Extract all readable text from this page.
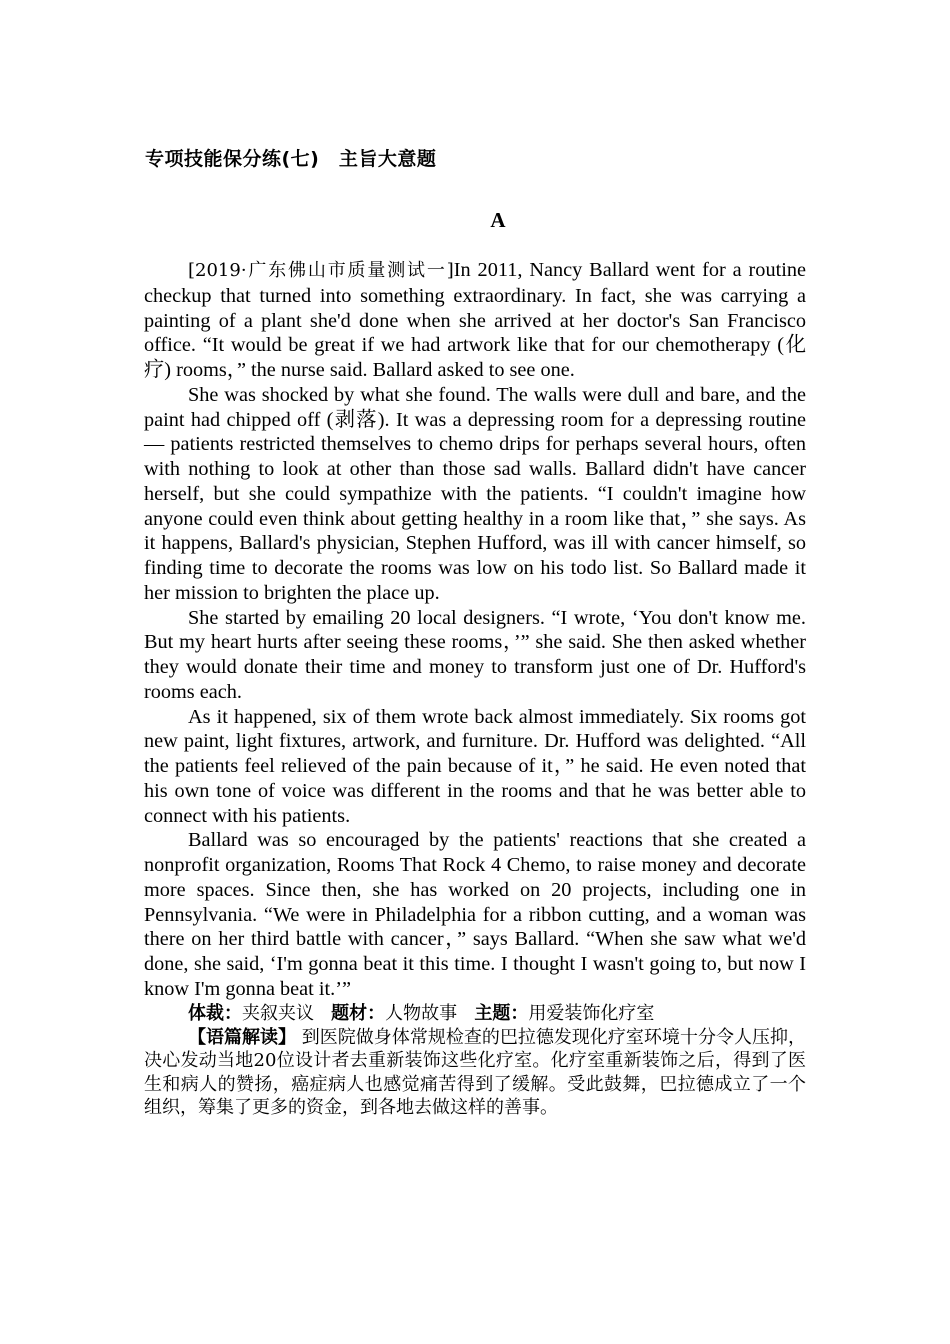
专项技能保分练(七)　主旨大意题
A

[2019·广东佛山市质量测试一]In 2011, Nancy Ballard went for a routine checkup that turned into something extraordinary. In fact, she was carrying a painting of a plant she'd done when she arrived at her doctor's San Francisco office. “It would be great if we had artwork like that for our chemotherapy (化疗) rooms，” the nurse said. Ballard asked to see one.

She was shocked by what she found. The walls were dull and bare, and the paint had chipped off (剥落). It was a depressing room for a depressing routine — patients restricted themselves to chemo drips for perhaps several hours, often with nothing to look at other than those sad walls. Ballard didn't have cancer herself, but she could sympathize with the patients. “I couldn't imagine how anyone could even think about getting healthy in a room like that，” she says. As it happens, Ballard's physician, Stephen Hufford, was ill with cancer himself, so finding time to decorate the rooms was low on his todo list. So Ballard made it her mission to brighten the place up.

She started by emailing 20 local designers. “I wrote, ‘You don't know me. But my heart hurts after seeing these rooms，’” she said. She then asked whether they would donate their time and money to transform just one of Dr. Hufford's rooms each.

As it happened, six of them wrote back almost immediately. Six rooms got new paint, light fixtures, artwork, and furniture. Dr. Hufford was delighted. “All the patients feel relieved of the pain because of it，” he said. He even noted that his own tone of voice was different in the rooms and that he was better able to connect with his patients.

Ballard was so encouraged by the patients' reactions that she created a nonprofit organization, Rooms That Rock 4 Chemo, to raise money and decorate more spaces. Since then, she has worked on 20 projects, including one in Pennsylvania. “We were in Philadelphia for a ribbon cutting, and a woman was there on her third battle with cancer，” says Ballard. “When she saw what we'd done, she said, ‘I'm gonna beat it this time. I thought I wasn't going to, but now I know I'm gonna beat it.’”

体裁：夹叙夹议 题材：人物故事 主题：用爱装饰化疗室
【语篇解读】 到医院做身体常规检查的巴拉德发现化疗室环境十分令人压抑，决心发动当地20位设计者去重新装饰这些化疗室。化疗室重新装饰之后，得到了医生和病人的赞扬，癌症病人也感觉痛苦得到了缓解。受此鼓舞，巴拉德成立了一个组织，筹集了更多的资金，到各地去做这样的善事。
